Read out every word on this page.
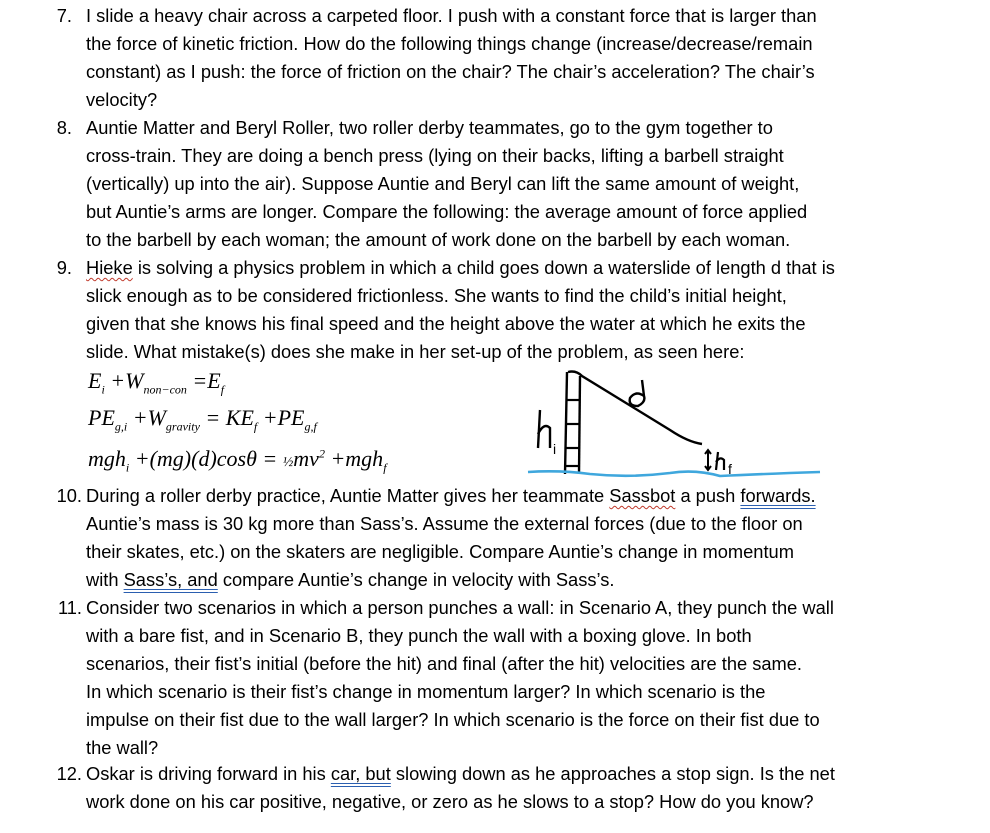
7. I slide a heavy chair across a carpeted floor. I push with a constant force that is larger than
the force of kinetic friction. How do the following things change (increase/decrease/remain
constant) as I push: the force of friction on the chair? The chair’s acceleration? The chair’s
velocity?
8. Auntie Matter and Beryl Roller, two roller derby teammates, go to the gym together to
cross-train. They are doing a bench press (lying on their backs, lifting a barbell straight
(vertically) up into the air). Suppose Auntie and Beryl can lift the same amount of weight,
but Auntie’s arms are longer. Compare the following: the average amount of force applied
to the barbell by each woman; the amount of work done on the barbell by each woman.
9. Hieke is solving a physics problem in which a child goes down a waterslide of length d that is
slick enough as to be considered frictionless. She wants to find the child’s initial height,
given that she knows his final speed and the height above the water at which he exits the
slide. What mistake(s) does she make in her set-up of the problem, as seen here:
$E_i +W_{non-con} =E_f$
$PE_{g,i} +W_{gravity} = KE_f +PE_{g,f}$
$mgh_i +(mg)(d)\cos\theta = \frac{1}{2}mv^2 +mgh_f$
i
f
10. During a roller derby practice, Auntie Matter gives her teammate Sassbot a push forwards.
Auntie’s mass is 30 kg more than Sass’s. Assume the external forces (due to the floor on
their skates, etc.) on the skaters are negligible. Compare Auntie’s change in momentum
with Sass’s, and compare Auntie’s change in velocity with Sass’s.
11. Consider two scenarios in which a person punches a wall: in Scenario A, they punch the wall
with a bare fist, and in Scenario B, they punch the wall with a boxing glove. In both
scenarios, their fist’s initial (before the hit) and final (after the hit) velocities are the same.
In which scenario is their fist’s change in momentum larger? In which scenario is the
impulse on their fist due to the wall larger? In which scenario is the force on their fist due to
the wall?
12. Oskar is driving forward in his car, but slowing down as he approaches a stop sign. Is the net
work done on his car positive, negative, or zero as he slows to a stop? How do you know?
